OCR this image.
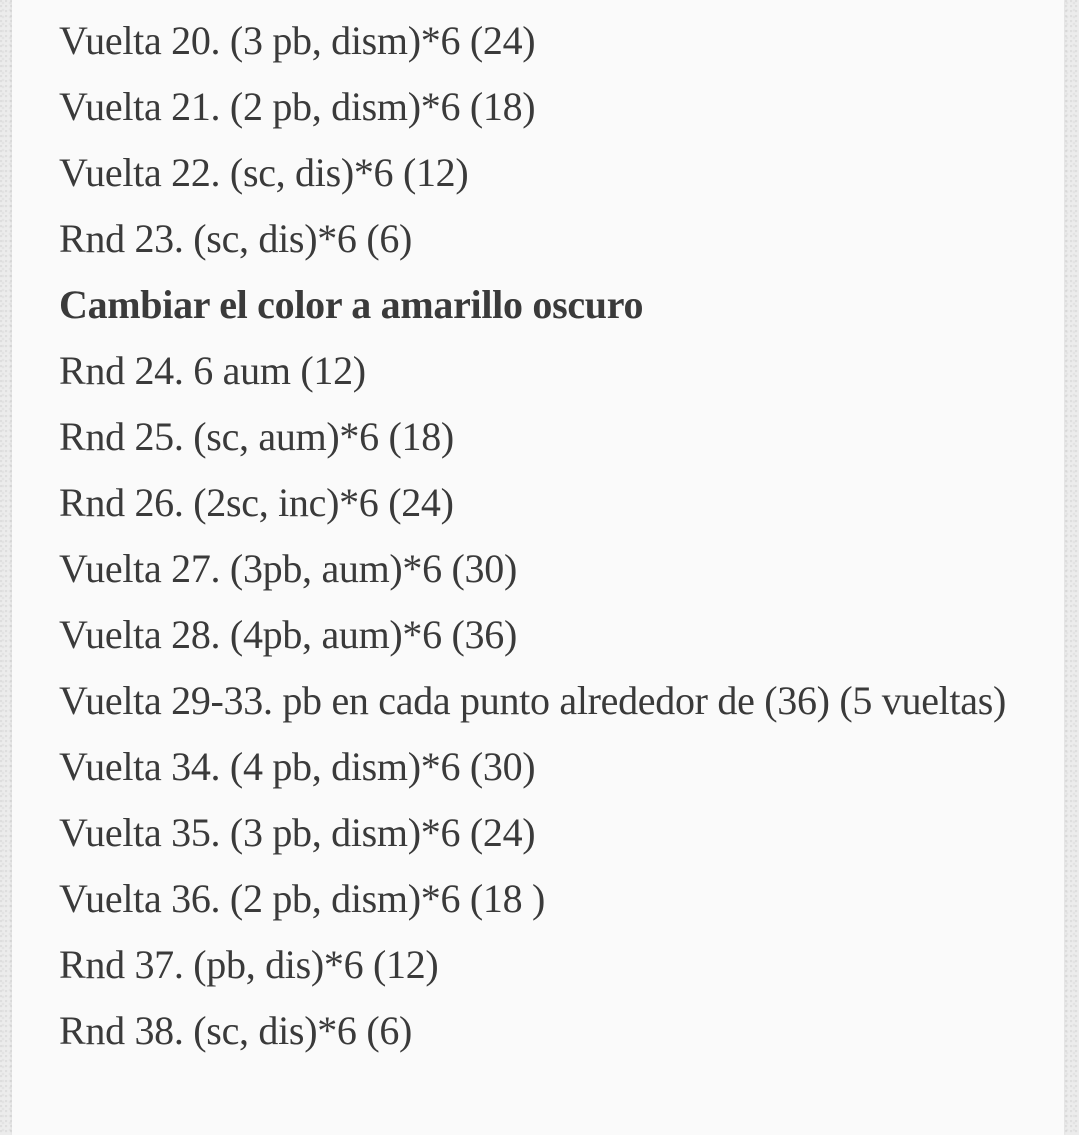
Vuelta 20. (3 pb, dism)*6 (24)

Vuelta 21. (2 pb, dism)*6 (18)

Vuelta 22. (sc, dis)*6 (12)

Rnd 23. (sc, dis)*6 (6)

Cambiar el color a amarillo oscuro

Rnd 24. 6 aum (12)

Rnd 25. (sc, aum)*6 (18)

Rnd 26. (2sc, inc)*6 (24)

Vuelta 27. (3pb, aum)*6 (30)

Vuelta 28. (4pb, aum)*6 (36)

Vuelta 29-33. pb en cada punto alrededor de (36) (5 vueltas)

Vuelta 34. (4 pb, dism)*6 (30)

Vuelta 35. (3 pb, dism)*6 (24)

Vuelta 36. (2 pb, dism)*6 (18 )

Rnd 37. (pb, dis)*6 (12)

Rnd 38. (sc, dis)*6 (6)
